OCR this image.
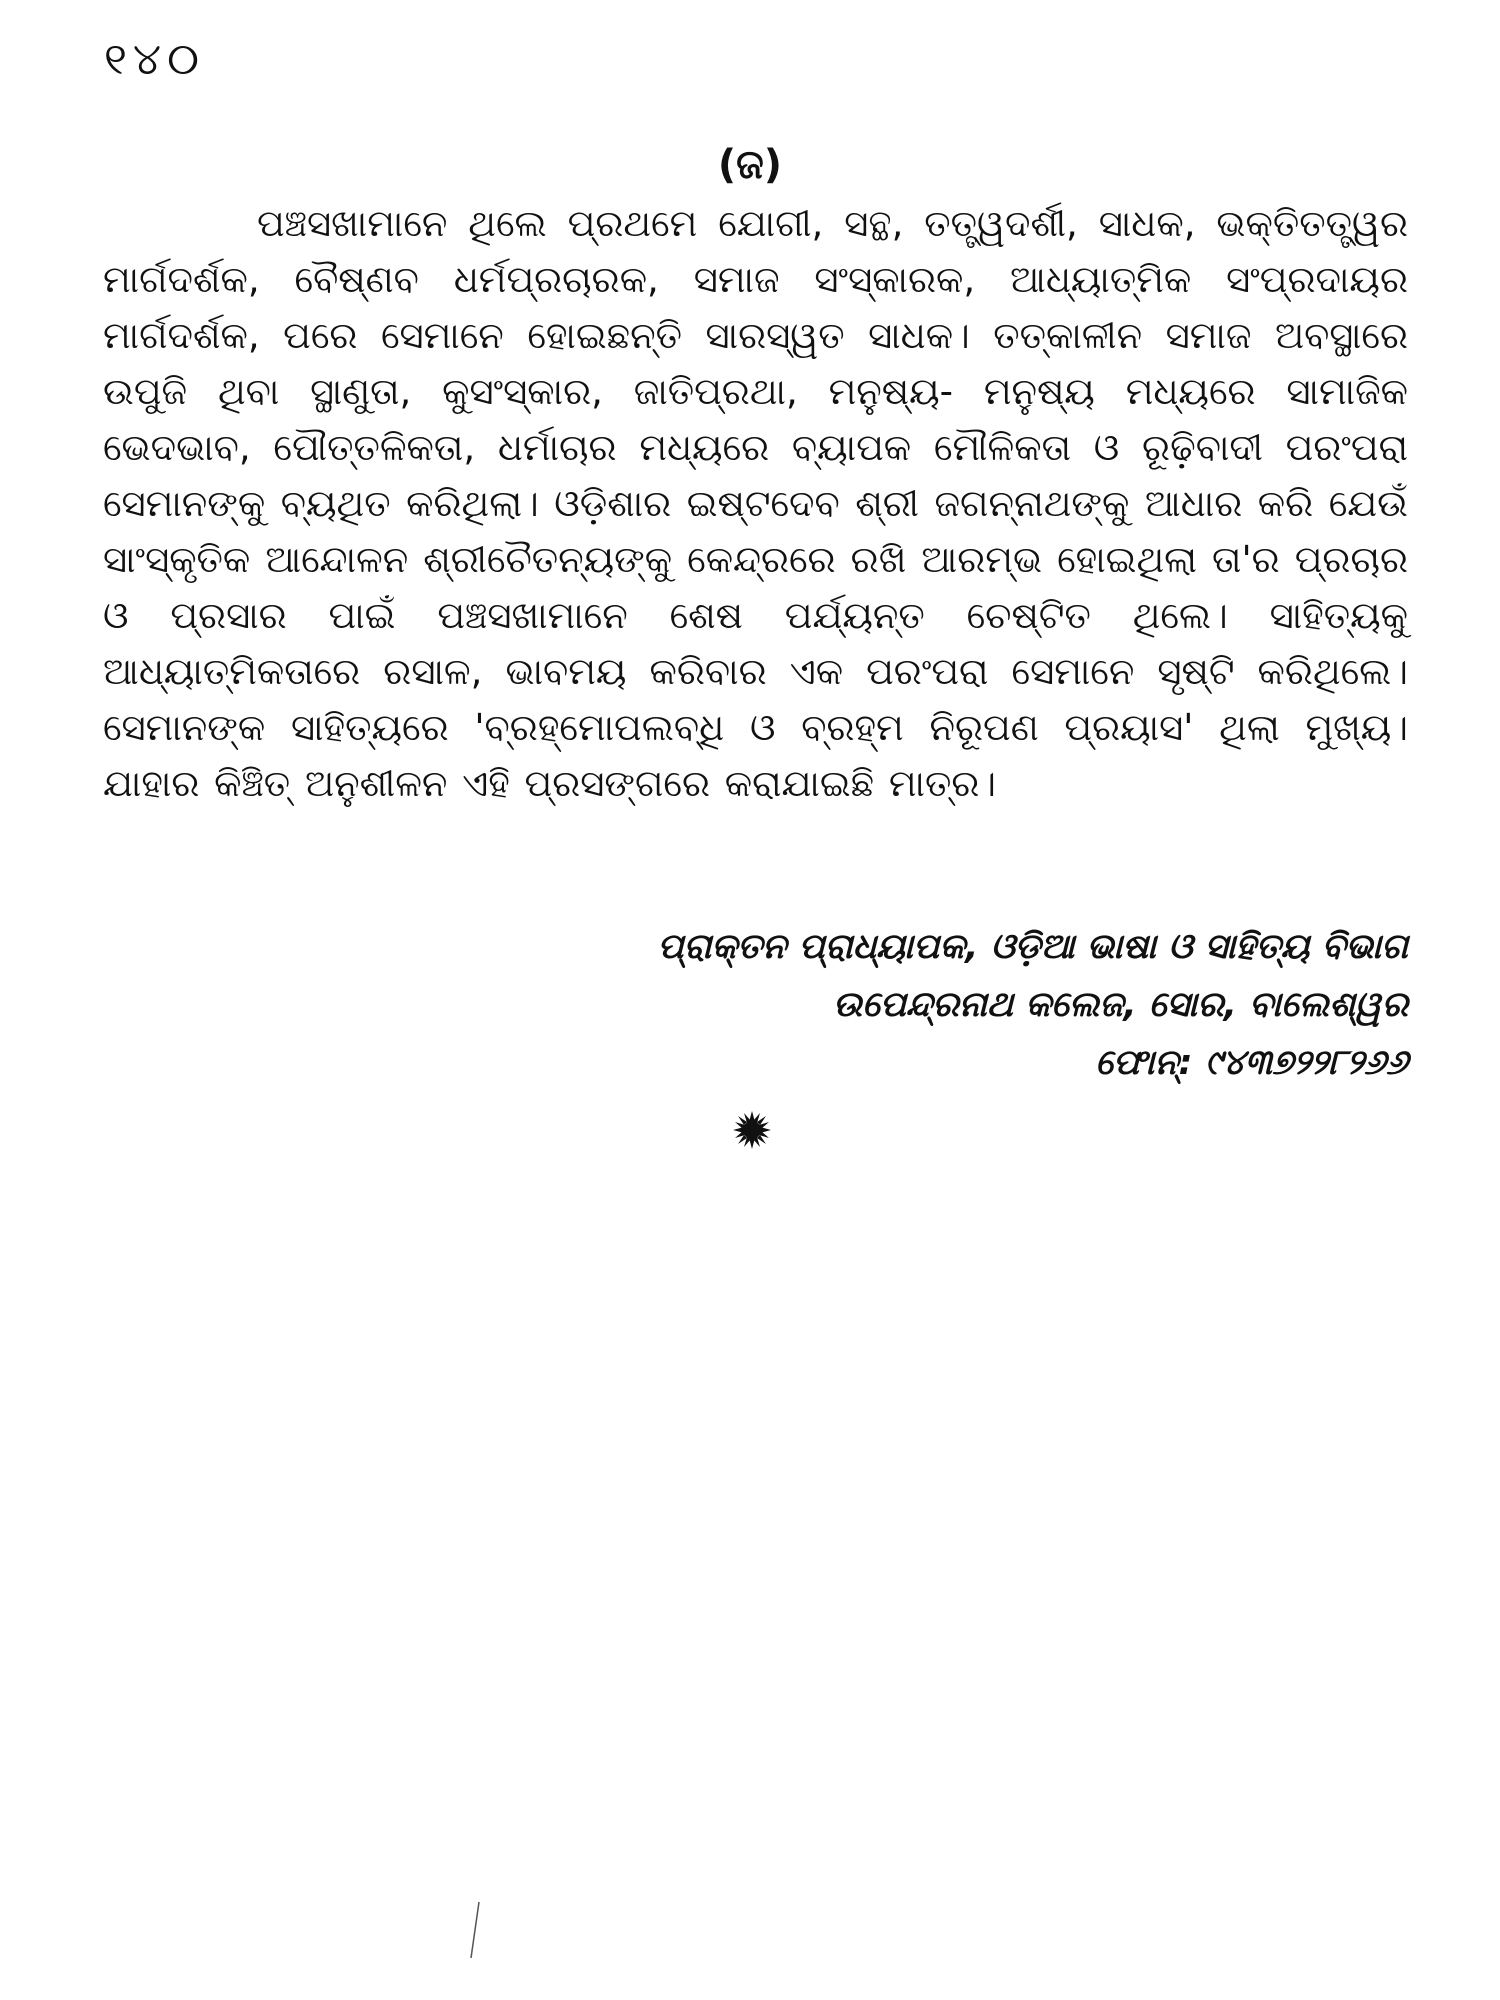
୧୪୦
(ଜ)

ପଞ୍ଚସଖାମାନେ ଥିଲେ ପ୍ରଥମେ ଯୋଗୀ, ସନ୍ଥ, ତତ୍ତ୍ୱଦର୍ଶୀ, ସାଧକ, ଭକ୍ତିତତ୍ତ୍ୱର ମାର୍ଗଦର୍ଶକ, ବୈଷ୍ଣବ ଧର୍ମପ୍ରଚାରକ, ସମାଜ ସଂସ୍କାରକ, ଆଧ୍ୟାତ୍ମିକ ସଂପ୍ରଦାୟର ମାର୍ଗଦର୍ଶକ, ପରେ ସେମାନେ ହୋଇଛନ୍ତି ସାରସ୍ୱତ ସାଧକ। ତତ୍‌କାଳୀନ ସମାଜ ଅବସ୍ଥାରେ ଉପୁଜି ଥିବା ସ୍ଥାଣୁତା, କୁସଂସ୍କାର, ଜାତିପ୍ରଥା, ମନୁଷ୍ୟ- ମନୁଷ୍ୟ ମଧ୍ୟରେ ସାମାଜିକ ଭେଦଭାବ, ପୌତ୍ତଳିକତା, ଧର୍ମାଚାର ମଧ୍ୟରେ ବ୍ୟାପକ ମୌଳିକତା ଓ ରୂଢ଼ିବାଦୀ ପରଂପରା ସେମାନଙ୍କୁ ବ୍ୟଥିତ କରିଥିଲା। ଓଡ଼ିଶାର ଇଷ୍ଟଦେବ ଶ୍ରୀ ଜଗନ୍ନାଥଙ୍କୁ ଆଧାର କରି ଯେଉଁ ସାଂସ୍କୃତିକ ଆନ୍ଦୋଳନ ଶ୍ରୀଚୈତନ୍ୟଙ୍କୁ କେନ୍ଦ୍ରରେ ରଖି ଆରମ୍ଭ ହୋଇଥିଲା ତା'ର ପ୍ରଚାର ଓ ପ୍ରସାର ପାଇଁ ପଞ୍ଚସଖାମାନେ ଶେଷ ପର୍ଯ୍ୟନ୍ତ ଚେଷ୍ଟିତ ଥିଲେ। ସାହିତ୍ୟକୁ ଆଧ୍ୟାତ୍ମିକତାରେ ରସାଳ, ଭାବମୟ କରିବାର ଏକ ପରଂପରା ସେମାନେ ସୃଷ୍ଟି କରିଥିଲେ। ସେମାନଙ୍କ ସାହିତ୍ୟରେ 'ବ୍ରହ୍ମୋପଲବ୍ଧି ଓ ବ୍ରହ୍ମ ନିରୂପଣ ପ୍ରୟାସ' ଥିଲା ମୁଖ୍ୟ। ଯାହାର କିଞ୍ଚିତ୍ ଅନୁଶୀଳନ ଏହି ପ୍ରସଙ୍ଗରେ କରାଯାଇଛି ମାତ୍ର।

ପ୍ରାକ୍ତନ ପ୍ରାଧ୍ୟାପକ, ଓଡ଼ିଆ ଭାଷା ଓ ସାହିତ୍ୟ ବିଭାଗ
ଉପେନ୍ଦ୍ରନାଥ କଲେଜ, ସୋର, ବାଲେଶ୍ୱର
ଫୋନ୍: ୯୪୩୭୨୨୮୨୬୬
